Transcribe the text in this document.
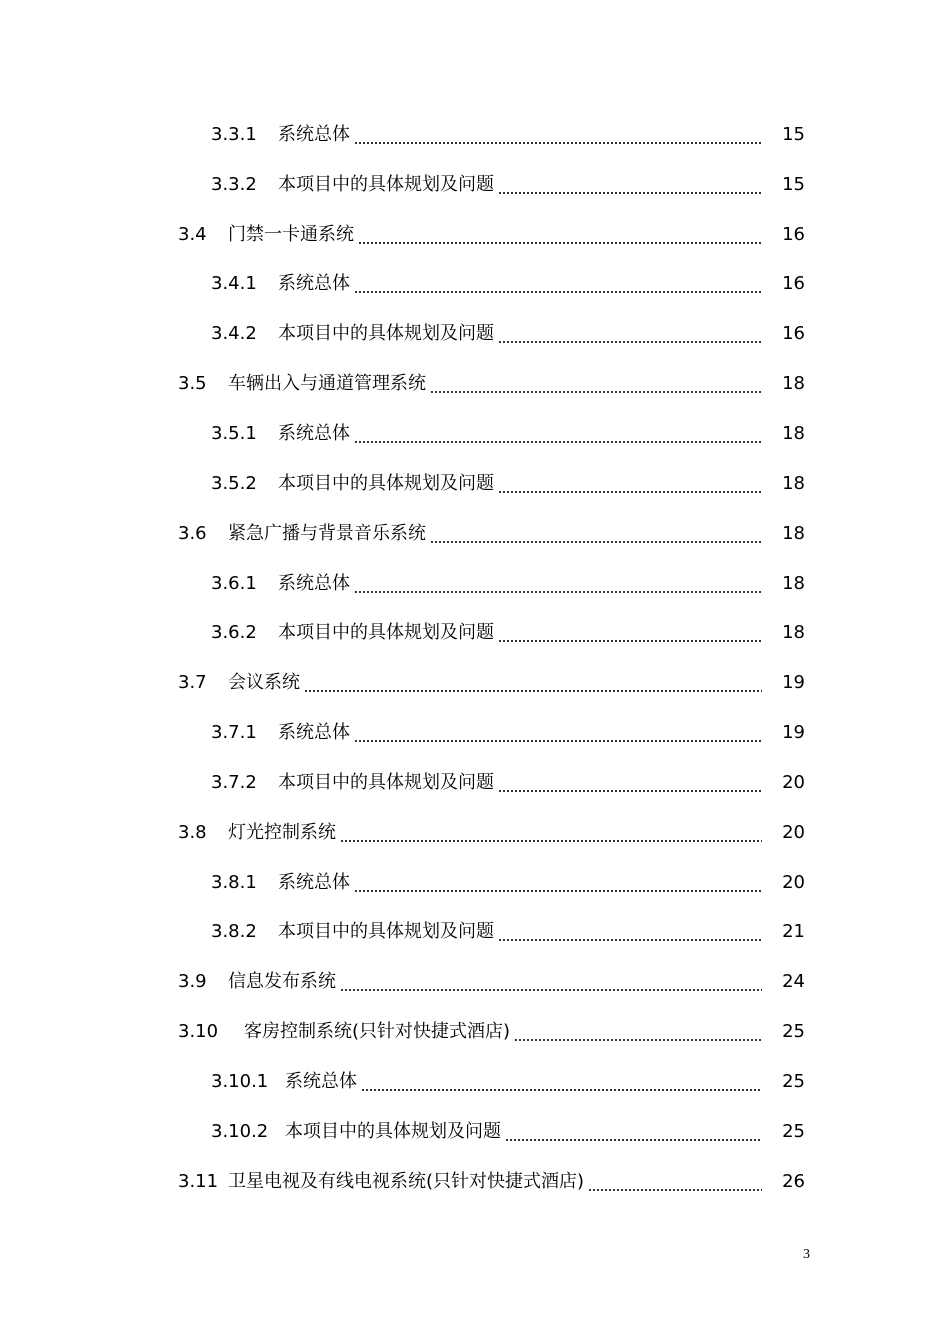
3.3.1	系统总体	15
3.3.2	本项目中的具体规划及问题	15
3.4	门禁一卡通系统	16
3.4.1	系统总体	16
3.4.2	本项目中的具体规划及问题	16
3.5	车辆出入与通道管理系统	18
3.5.1	系统总体	18
3.5.2	本项目中的具体规划及问题	18
3.6	紧急广播与背景音乐系统	18
3.6.1	系统总体	18
3.6.2	本项目中的具体规划及问题	18
3.7	会议系统	19
3.7.1	系统总体	19
3.7.2	本项目中的具体规划及问题	20
3.8	灯光控制系统	20
3.8.1	系统总体	20
3.8.2	本项目中的具体规划及问题	21
3.9	信息发布系统	24
3.10	客房控制系统(只针对快捷式酒店)	25
3.10.1 系统总体	25
3.10.2 本项目中的具体规划及问题	25
3.11 卫星电视及有线电视系统(只针对快捷式酒店)	26
3
